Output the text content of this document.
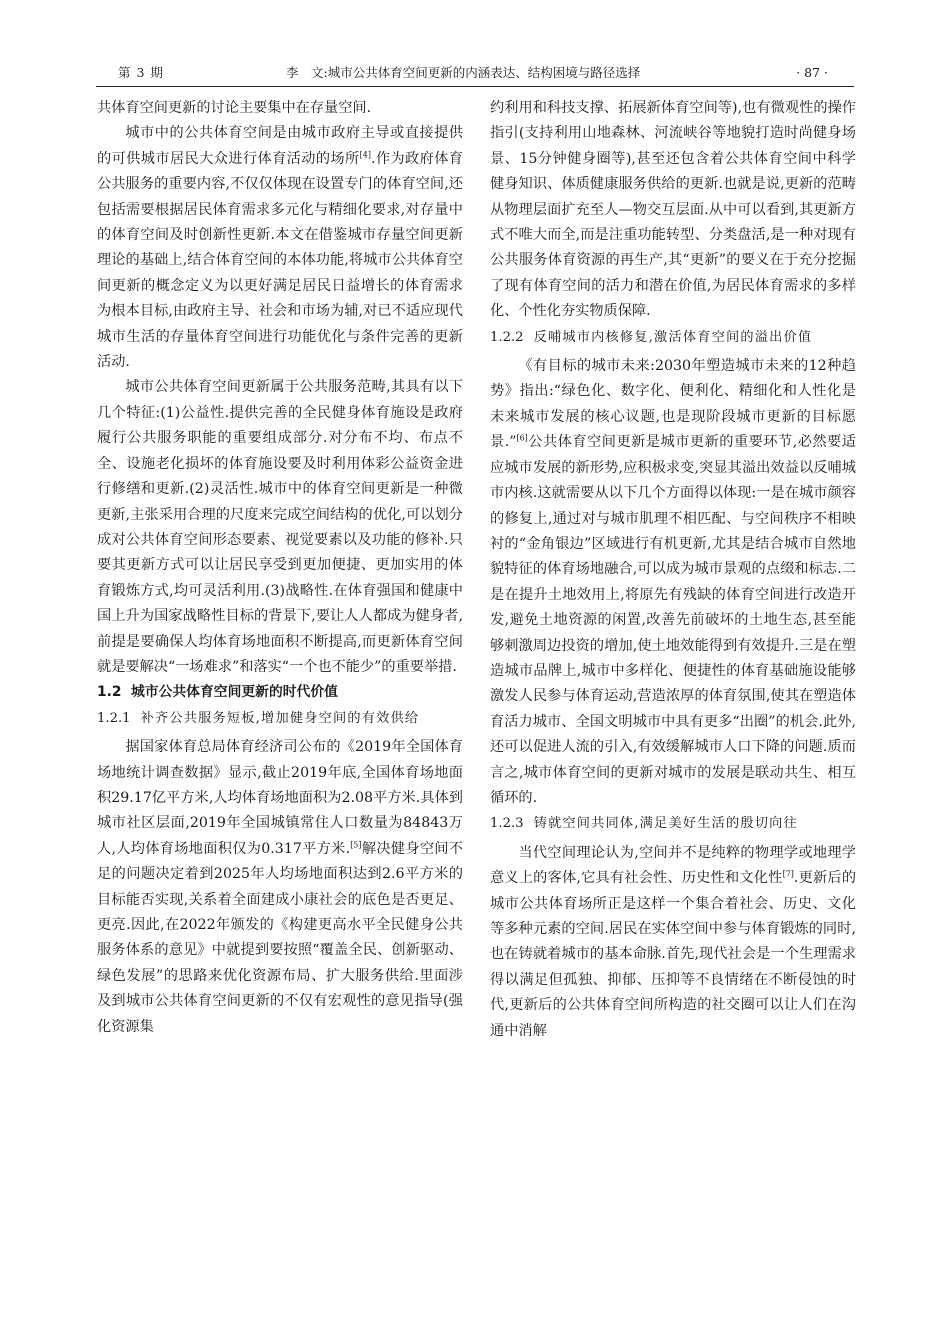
第 3 期	李　文:城市公共体育空间更新的内涵表达、结构困境与路径选择	· 87 ·

共体育空间更新的讨论主要集中在存量空间.

城市中的公共体育空间是由城市政府主导或直接提供的可供城市居民大众进行体育活动的场所[4].作为政府体育公共服务的重要内容,不仅仅体现在设置专门的体育空间,还包括需要根据居民体育需求多元化与精细化要求,对存量中的体育空间及时创新性更新.本文在借鉴城市存量空间更新理论的基础上,结合体育空间的本体功能,将城市公共体育空间更新的概念定义为以更好满足居民日益增长的体育需求为根本目标,由政府主导、社会和市场为辅,对已不适应现代城市生活的存量体育空间进行功能优化与条件完善的更新活动.

城市公共体育空间更新属于公共服务范畴,其具有以下几个特征:(1)公益性.提供完善的全民健身体育施设是政府履行公共服务职能的重要组成部分.对分布不均、布点不全、设施老化损坏的体育施设要及时利用体彩公益资金进行修缮和更新.(2)灵活性.城市中的体育空间更新是一种微更新,主张采用合理的尺度来完成空间结构的优化,可以划分成对公共体育空间形态要素、视觉要素以及功能的修补.只要其更新方式可以让居民享受到更加便捷、更加实用的体育锻炼方式,均可灵活利用.(3)战略性.在体育强国和健康中国上升为国家战略性目标的背景下,要让人人都成为健身者,前提是要确保人均体育场地面积不断提高,而更新体育空间就是要解决“一场难求”和落实“一个也不能少”的重要举措.

1.2 城市公共体育空间更新的时代价值
1.2.1 补齐公共服务短板,增加健身空间的有效供给

据国家体育总局体育经济司公布的《2019年全国体育场地统计调查数据》显示,截止2019年底,全国体育场地面积29.17亿平方米,人均体育场地面积为2.08平方米.具体到城市社区层面,2019年全国城镇常住人口数量为84843万人,人均体育场地面积仅为0.317平方米.[5]解决健身空间不足的问题决定着到2025年人均场地面积达到2.6平方米的目标能否实现,关系着全面建成小康社会的底色是否更足、更亮.因此,在2022年颁发的《构建更高水平全民健身公共服务体系的意见》中就提到要按照“覆盖全民、创新驱动、绿色发展”的思路来优化资源布局、扩大服务供给.里面涉及到城市公共体育空间更新的不仅有宏观性的意见指导(强化资源集

约利用和科技支撑、拓展新体育空间等),也有微观性的操作指引(支持利用山地森林、河流峡谷等地貌打造时尚健身场景、15分钟健身圈等),甚至还包含着公共体育空间中科学健身知识、体质健康服务供给的更新.也就是说,更新的范畴从物理层面扩充至人—物交互层面.从中可以看到,其更新方式不唯大而全,而是注重功能转型、分类盘活,是一种对现有公共服务体育资源的再生产,其“更新”的要义在于充分挖掘了现有体育空间的活力和潜在价值,为居民体育需求的多样化、个性化夯实物质保障.

1.2.2 反哺城市内核修复,激活体育空间的溢出价值

《有目标的城市未来:2030年塑造城市未来的12种趋势》指出:“绿色化、数字化、便利化、精细化和人性化是未来城市发展的核心议题,也是现阶段城市更新的目标愿景.”[6]公共体育空间更新是城市更新的重要环节,必然要适应城市发展的新形势,应积极求变,突显其溢出效益以反哺城市内核.这就需要从以下几个方面得以体现:一是在城市颜容的修复上,通过对与城市肌理不相匹配、与空间秩序不相映衬的“金角银边”区域进行有机更新,尤其是结合城市自然地貌特征的体育场地融合,可以成为城市景观的点缀和标志.二是在提升土地效用上,将原先有残缺的体育空间进行改造开发,避免土地资源的闲置,改善先前破坏的土地生态,甚至能够刺激周边投资的增加,使土地效能得到有效提升.三是在塑造城市品牌上,城市中多样化、便捷性的体育基础施设能够激发人民参与体育运动,营造浓厚的体育氛围,使其在塑造体育活力城市、全国文明城市中具有更多“出圈”的机会.此外,还可以促进人流的引入,有效缓解城市人口下降的问题.质而言之,城市体育空间的更新对城市的发展是联动共生、相互循环的.

1.2.3 铸就空间共同体,满足美好生活的殷切向往

当代空间理论认为,空间并不是纯粹的物理学或地理学意义上的客体,它具有社会性、历史性和文化性[7].更新后的城市公共体育场所正是这样一个集合着社会、历史、文化等多种元素的空间.居民在实体空间中参与体育锻炼的同时,也在铸就着城市的基本命脉.首先,现代社会是一个生理需求得以满足但孤独、抑郁、压抑等不良情绪在不断侵蚀的时代,更新后的公共体育空间所构造的社交圈可以让人们在沟通中消解
